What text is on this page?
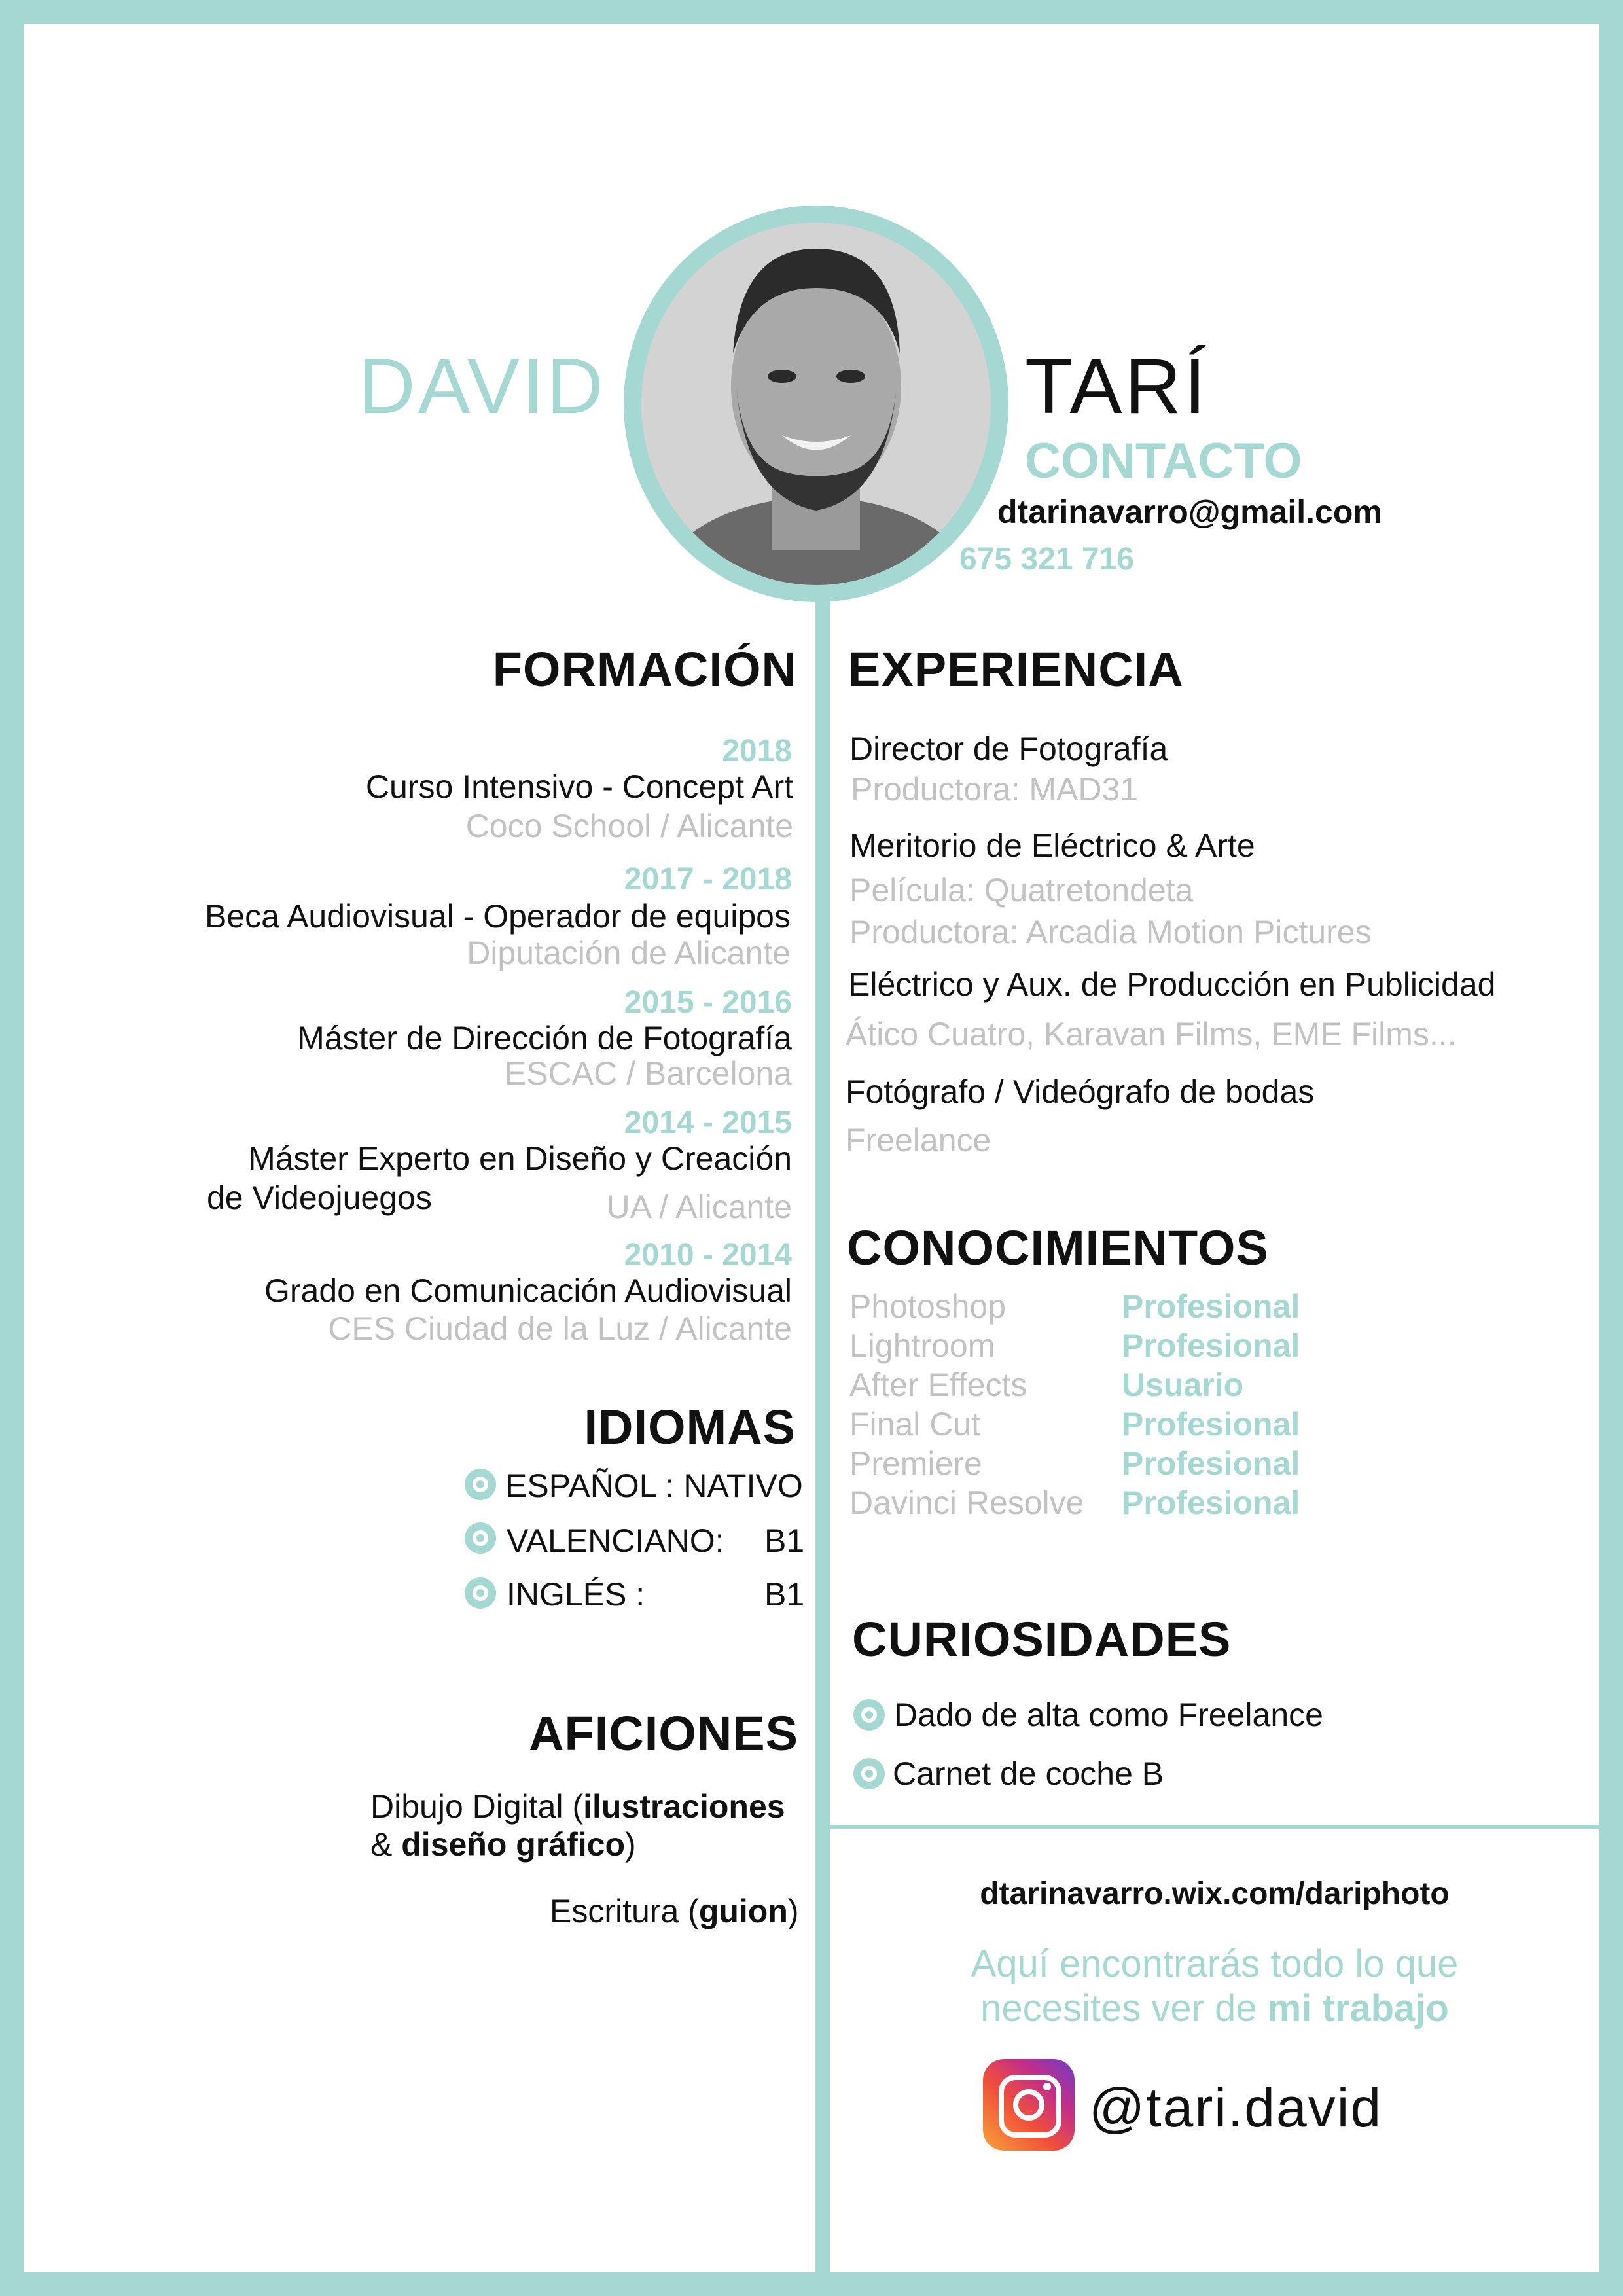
DAVID	TARÍ
CONTACTO
dtarinavarro@gmail.com
675 321 716
FORMACIÓN
2018
Curso Intensivo - Concept Art
Coco School / Alicante
2017 - 2018
Beca Audiovisual - Operador de equipos
Diputación de Alicante
2015 - 2016
Máster de Dirección de Fotografía
ESCAC / Barcelona
2014 - 2015
Máster Experto en Diseño y Creación
de Videojuegos	UA / Alicante
2010 - 2014
Grado en Comunicación Audiovisual
CES Ciudad de la Luz / Alicante
IDIOMAS
ESPAÑOL : NATIVO
VALENCIANO: B1
INGLÉS :	B1
AFICIONES
Dibujo Digital (ilustraciones
& diseño gráfico)
Escritura (guion)
EXPERIENCIA
Director de Fotografía
Productora: MAD31
Meritorio de Eléctrico & Arte
Película: Quatretondeta
Productora: Arcadia Motion Pictures
Eléctrico y Aux. de Producción en Publicidad
Ático Cuatro, Karavan Films, EME Films...
Fotógrafo / Videógrafo de bodas
Freelance
CONOCIMIENTOS
Photoshop	Profesional
Lightroom	Profesional
After Effects	Usuario
Final Cut	Profesional
Premiere	Profesional
Davinci Resolve Profesional
CURIOSIDADES
Dado de alta como Freelance
Carnet de coche B
dtarinavarro.wix.com/dariphoto
Aquí encontrarás todo lo que
necesites ver de mi trabajo
@tari.david
